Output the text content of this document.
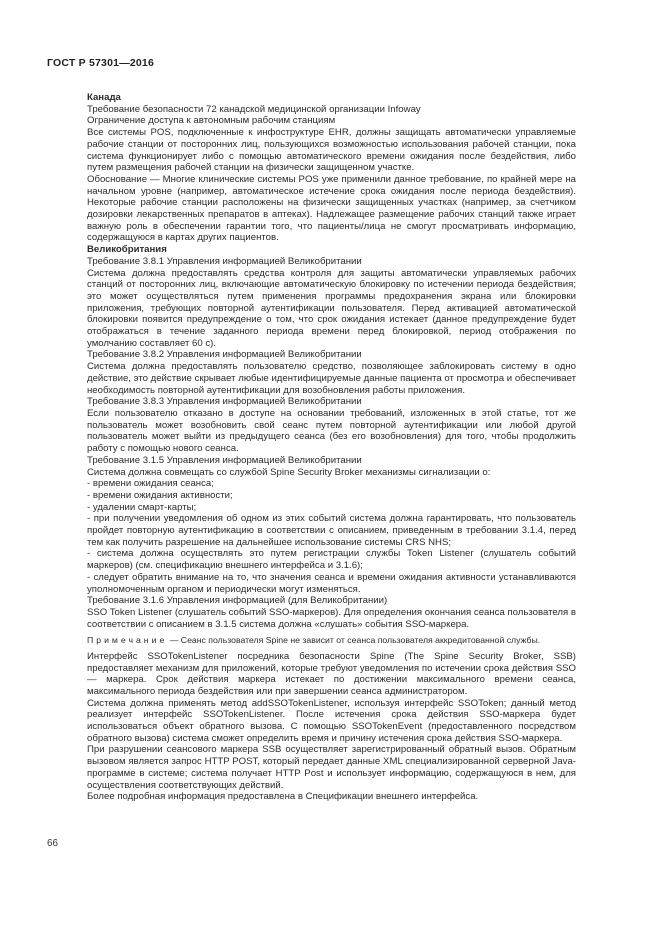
ГОСТ Р 57301—2016
Канада
Требование безопасности 72 канадской медицинской организации Infoway
Ограничение доступа к автономным рабочим станциям
Все системы POS, подключенные к инфоструктуре EHR, должны защищать автоматически управляемые рабочие станции от посторонних лиц, пользующихся возможностью использования рабочей станции, пока система функционирует либо с помощью автоматического времени ожидания после бездействия, либо путем размещения рабочей станции на физически защищенном участке.
Обоснование — Многие клинические системы POS уже применили данное требование, по крайней мере на начальном уровне (например, автоматическое истечение срока ожидания после периода бездействия). Некоторые рабочие станции расположены на физически защищенных участках (например, за счетчиком дозировки лекарственных препаратов в аптеках). Надлежащее размещение рабочих станций также играет важную роль в обеспечении гарантии того, что пациенты/лица не смогут просматривать информацию, содержащуюся в картах других пациентов.
Великобритания
Требование 3.8.1 Управления информацией Великобритании
Система должна предоставлять средства контроля для защиты автоматически управляемых рабочих станций от посторонних лиц, включающие автоматическую блокировку по истечении периода бездействия; это может осуществляться путем применения программы предохранения экрана или блокировки приложения, требующих повторной аутентификации пользователя. Перед активацией автоматической блокировки появится предупреждение о том, что срок ожидания истекает (данное предупреждение будет отображаться в течение заданного периода времени перед блокировкой, период отображения по умолчанию составляет 60 с).
Требование 3.8.2 Управления информацией Великобритании
Система должна предоставлять пользователю средство, позволяющее заблокировать систему в одно действие, это действие скрывает любые идентифицируемые данные пациента от просмотра и обеспечивает необходимость повторной аутентификации для возобновления работы приложения.
Требование 3.8.3 Управления информацией Великобритании
Если пользователю отказано в доступе на основании требований, изложенных в этой статье, тот же пользователь может возобновить свой сеанс путем повторной аутентификации или любой другой пользователь может выйти из предыдущего сеанса (без его возобновления) для того, чтобы продолжить работу с помощью нового сеанса.
Требование 3.1.5 Управления информацией Великобритании
Система должна совмещать со службой Spine Security Broker механизмы сигнализации о:
- времени ожидания сеанса;
- времени ожидания активности;
- удалении смарт-карты;
- при получении уведомления об одном из этих событий система должна гарантировать, что пользователь пройдет повторную аутентификацию в соответствии с описанием, приведенным в требовании 3.1.4, перед тем как получить разрешение на дальнейшее использование системы CRS NHS;
- система должна осуществлять это путем регистрации службы Token Listener (слушатель событий маркеров) (см. спецификацию внешнего интерфейса и 3.1.6);
- следует обратить внимание на то, что значения сеанса и времени ожидания активности устанавливаются уполномоченным органом и периодически могут изменяться.
Требование 3.1.6 Управления информацией (для Великобритании)
SSO Token Listener (слушатель событий SSO-маркеров). Для определения окончания сеанса пользователя в соответствии с описанием в 3.1.5 система должна «слушать» события SSO-маркера.
Примечание — Сеанс пользователя Spine не зависит от сеанса пользователя аккредитованной службы.
Интерфейс SSOTokenListener посредника безопасности Spine (The Spine Security Broker, SSB) предоставляет механизм для приложений, которые требуют уведомления по истечении срока действия SSO — маркера. Срок действия маркера истекает по достижении максимального времени сеанса, максимального периода бездействия или при завершении сеанса администратором.
Система должна применять метод addSSOTokenListener, используя интерфейс SSOToken; данный метод реализует интерфейс SSOTokenListener. После истечения срока действия SSO-маркера будет использоваться объект обратного вызова. С помощью SSOTokenEvent (предоставленного посредством обратного вызова) система сможет определить время и причину истечения срока действия SSO-маркера.
При разрушении сеансового маркера SSB осуществляет зарегистрированный обратный вызов. Обратным вызовом является запрос HTTP POST, который передает данные XML специализированной серверной Java-программе в системе; система получает HTTP Post и использует информацию, содержащуюся в нем, для осуществления соответствующих действий.
Более подробная информация предоставлена в Спецификации внешнего интерфейса.
66
